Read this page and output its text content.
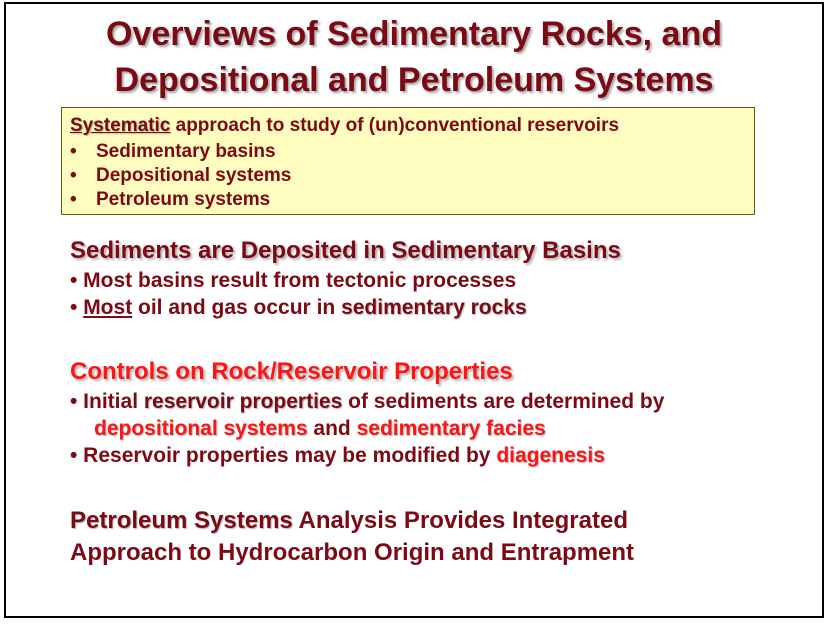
Overviews of Sedimentary Rocks, and
Depositional and Petroleum Systems
Systematic approach to study of (un)conventional reservoirs
• Sedimentary basins
• Depositional systems
• Petroleum systems
Sediments are Deposited in Sedimentary Basins
• Most basins result from tectonic processes
• Most oil and gas occur in sedimentary rocks
Controls on Rock/Reservoir Properties
• Initial reservoir properties of sediments are determined by
depositional systems and sedimentary facies
• Reservoir properties may be modified by diagenesis
Petroleum Systems Analysis Provides Integrated
Approach to Hydrocarbon Origin and Entrapment
